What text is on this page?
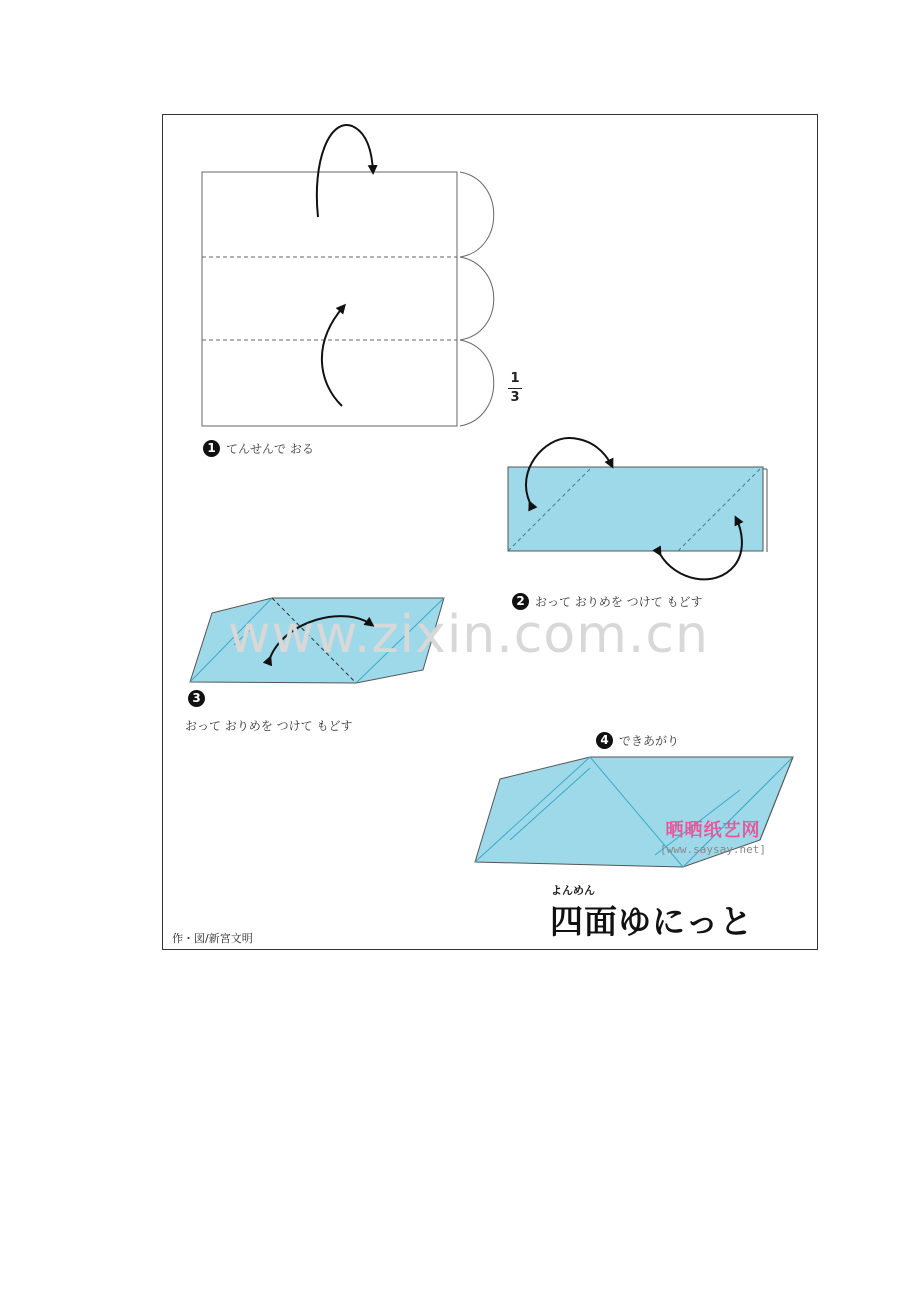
1
3
1 てんせんで おる
2 おって おりめを つけて もどす
3
おって おりめを つけて もどす
4 できあがり
www.zixin.com.cn
晒晒纸艺网
[www.saysay.net]
よんめん
四面ゆにっと
作・図/新宮文明
